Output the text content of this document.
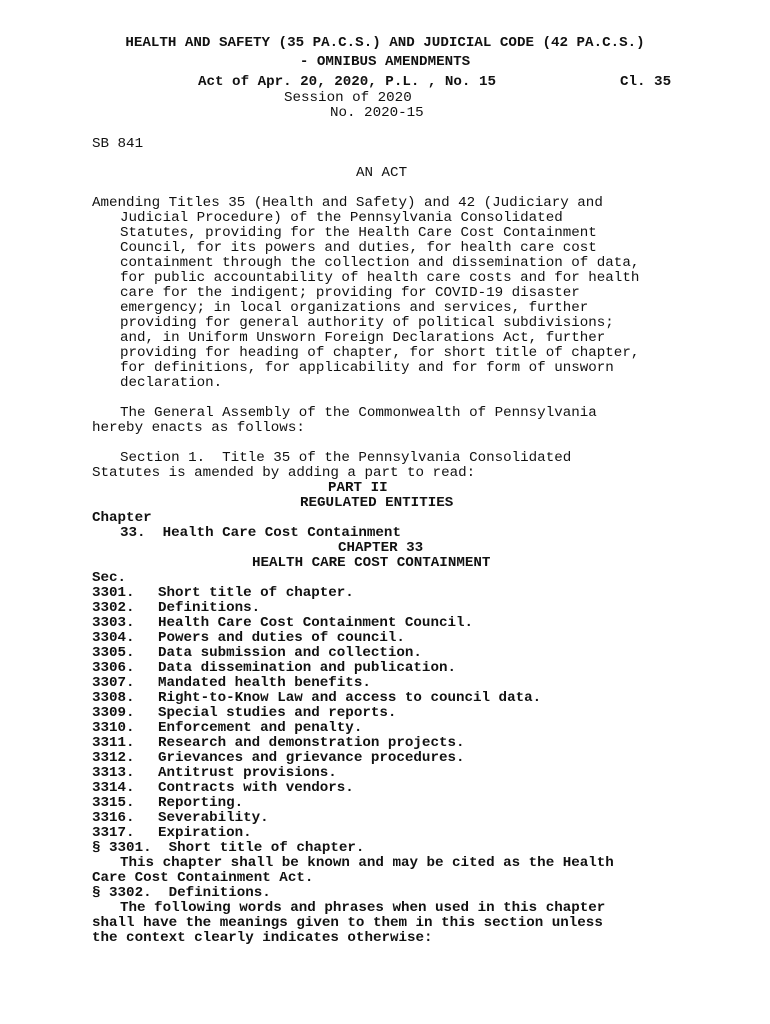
HEALTH AND SAFETY (35 PA.C.S.) AND JUDICIAL CODE (42 PA.C.S.)
- OMNIBUS AMENDMENTS
Act of Apr. 20, 2020, P.L. , No. 15	Cl. 35
Session of 2020
No. 2020-15
SB 841
AN ACT
Amending Titles 35 (Health and Safety) and 42 (Judiciary and
Judicial Procedure) of the Pennsylvania Consolidated
Statutes, providing for the Health Care Cost Containment
Council, for its powers and duties, for health care cost
containment through the collection and dissemination of data,
for public accountability of health care costs and for health
care for the indigent; providing for COVID-19 disaster
emergency; in local organizations and services, further
providing for general authority of political subdivisions;
and, in Uniform Unsworn Foreign Declarations Act, further
providing for heading of chapter, for short title of chapter,
for definitions, for applicability and for form of unsworn
declaration.
The General Assembly of the Commonwealth of Pennsylvania
hereby enacts as follows:
Section 1.  Title 35 of the Pennsylvania Consolidated
Statutes is amended by adding a part to read:
PART II
REGULATED ENTITIES
Chapter
33.  Health Care Cost Containment
CHAPTER 33
HEALTH CARE COST CONTAINMENT
Sec.
3301.	Short title of chapter.
3302.	Definitions.
3303.	Health Care Cost Containment Council.
3304.	Powers and duties of council.
3305.	Data submission and collection.
3306.	Data dissemination and publication.
3307.	Mandated health benefits.
3308.	Right-to-Know Law and access to council data.
3309.	Special studies and reports.
3310.	Enforcement and penalty.
3311.	Research and demonstration projects.
3312.	Grievances and grievance procedures.
3313.	Antitrust provisions.
3314.	Contracts with vendors.
3315.	Reporting.
3316.	Severability.
3317.	Expiration.
§ 3301.  Short title of chapter.
This chapter shall be known and may be cited as the Health
Care Cost Containment Act.
§ 3302.  Definitions.
The following words and phrases when used in this chapter
shall have the meanings given to them in this section unless
the context clearly indicates otherwise:
